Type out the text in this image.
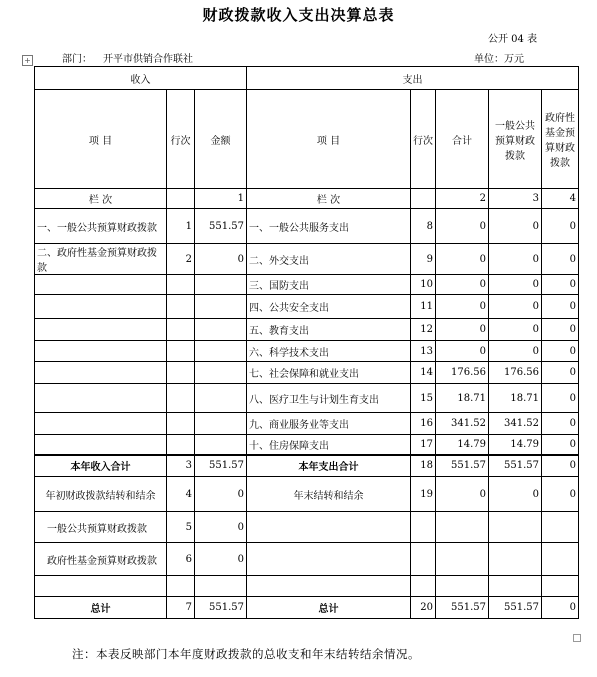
财政拨款收入支出决算总表
公开 04 表
部门： 开平市供销合作联社	单位：万元
+
收入			支出				
项 目	行次	金额	项 目	行次	合计	一般公共预算财政拨款	政府性基金预算财政拨款
栏 次		1	栏 次		2	3	4
一、一般公共预算财政拨款	1	551.57	一、一般公共服务支出	8	0	0	0
二、政府性基金预算财政拨款	2	0	二、外交支出	9	0	0	0
			三、国防支出	10	0	0	0
			四、公共安全支出	11	0	0	0
			五、教育支出	12	0	0	0
			六、科学技术支出	13	0	0	0
			七、社会保障和就业支出	14	176.56	176.56	0
			八、医疗卫生与计划生育支出	15	18.71	18.71	0
			九、商业服务业等支出	16	341.52	341.52	0
			十、住房保障支出	17	14.79	14.79	0
本年收入合计	3	551.57	本年支出合计	18	551.57	551.57	0
年初财政拨款结转和结余	4	0	年末结转和结余	19	0	0	0
一般公共预算财政拨款	5	0					
政府性基金预算财政拨款	6	0					

总计	7	551.57	总计	20	551.57	551.57	0
注：本表反映部门本年度财政拨款的总收支和年末结转结余情况。
